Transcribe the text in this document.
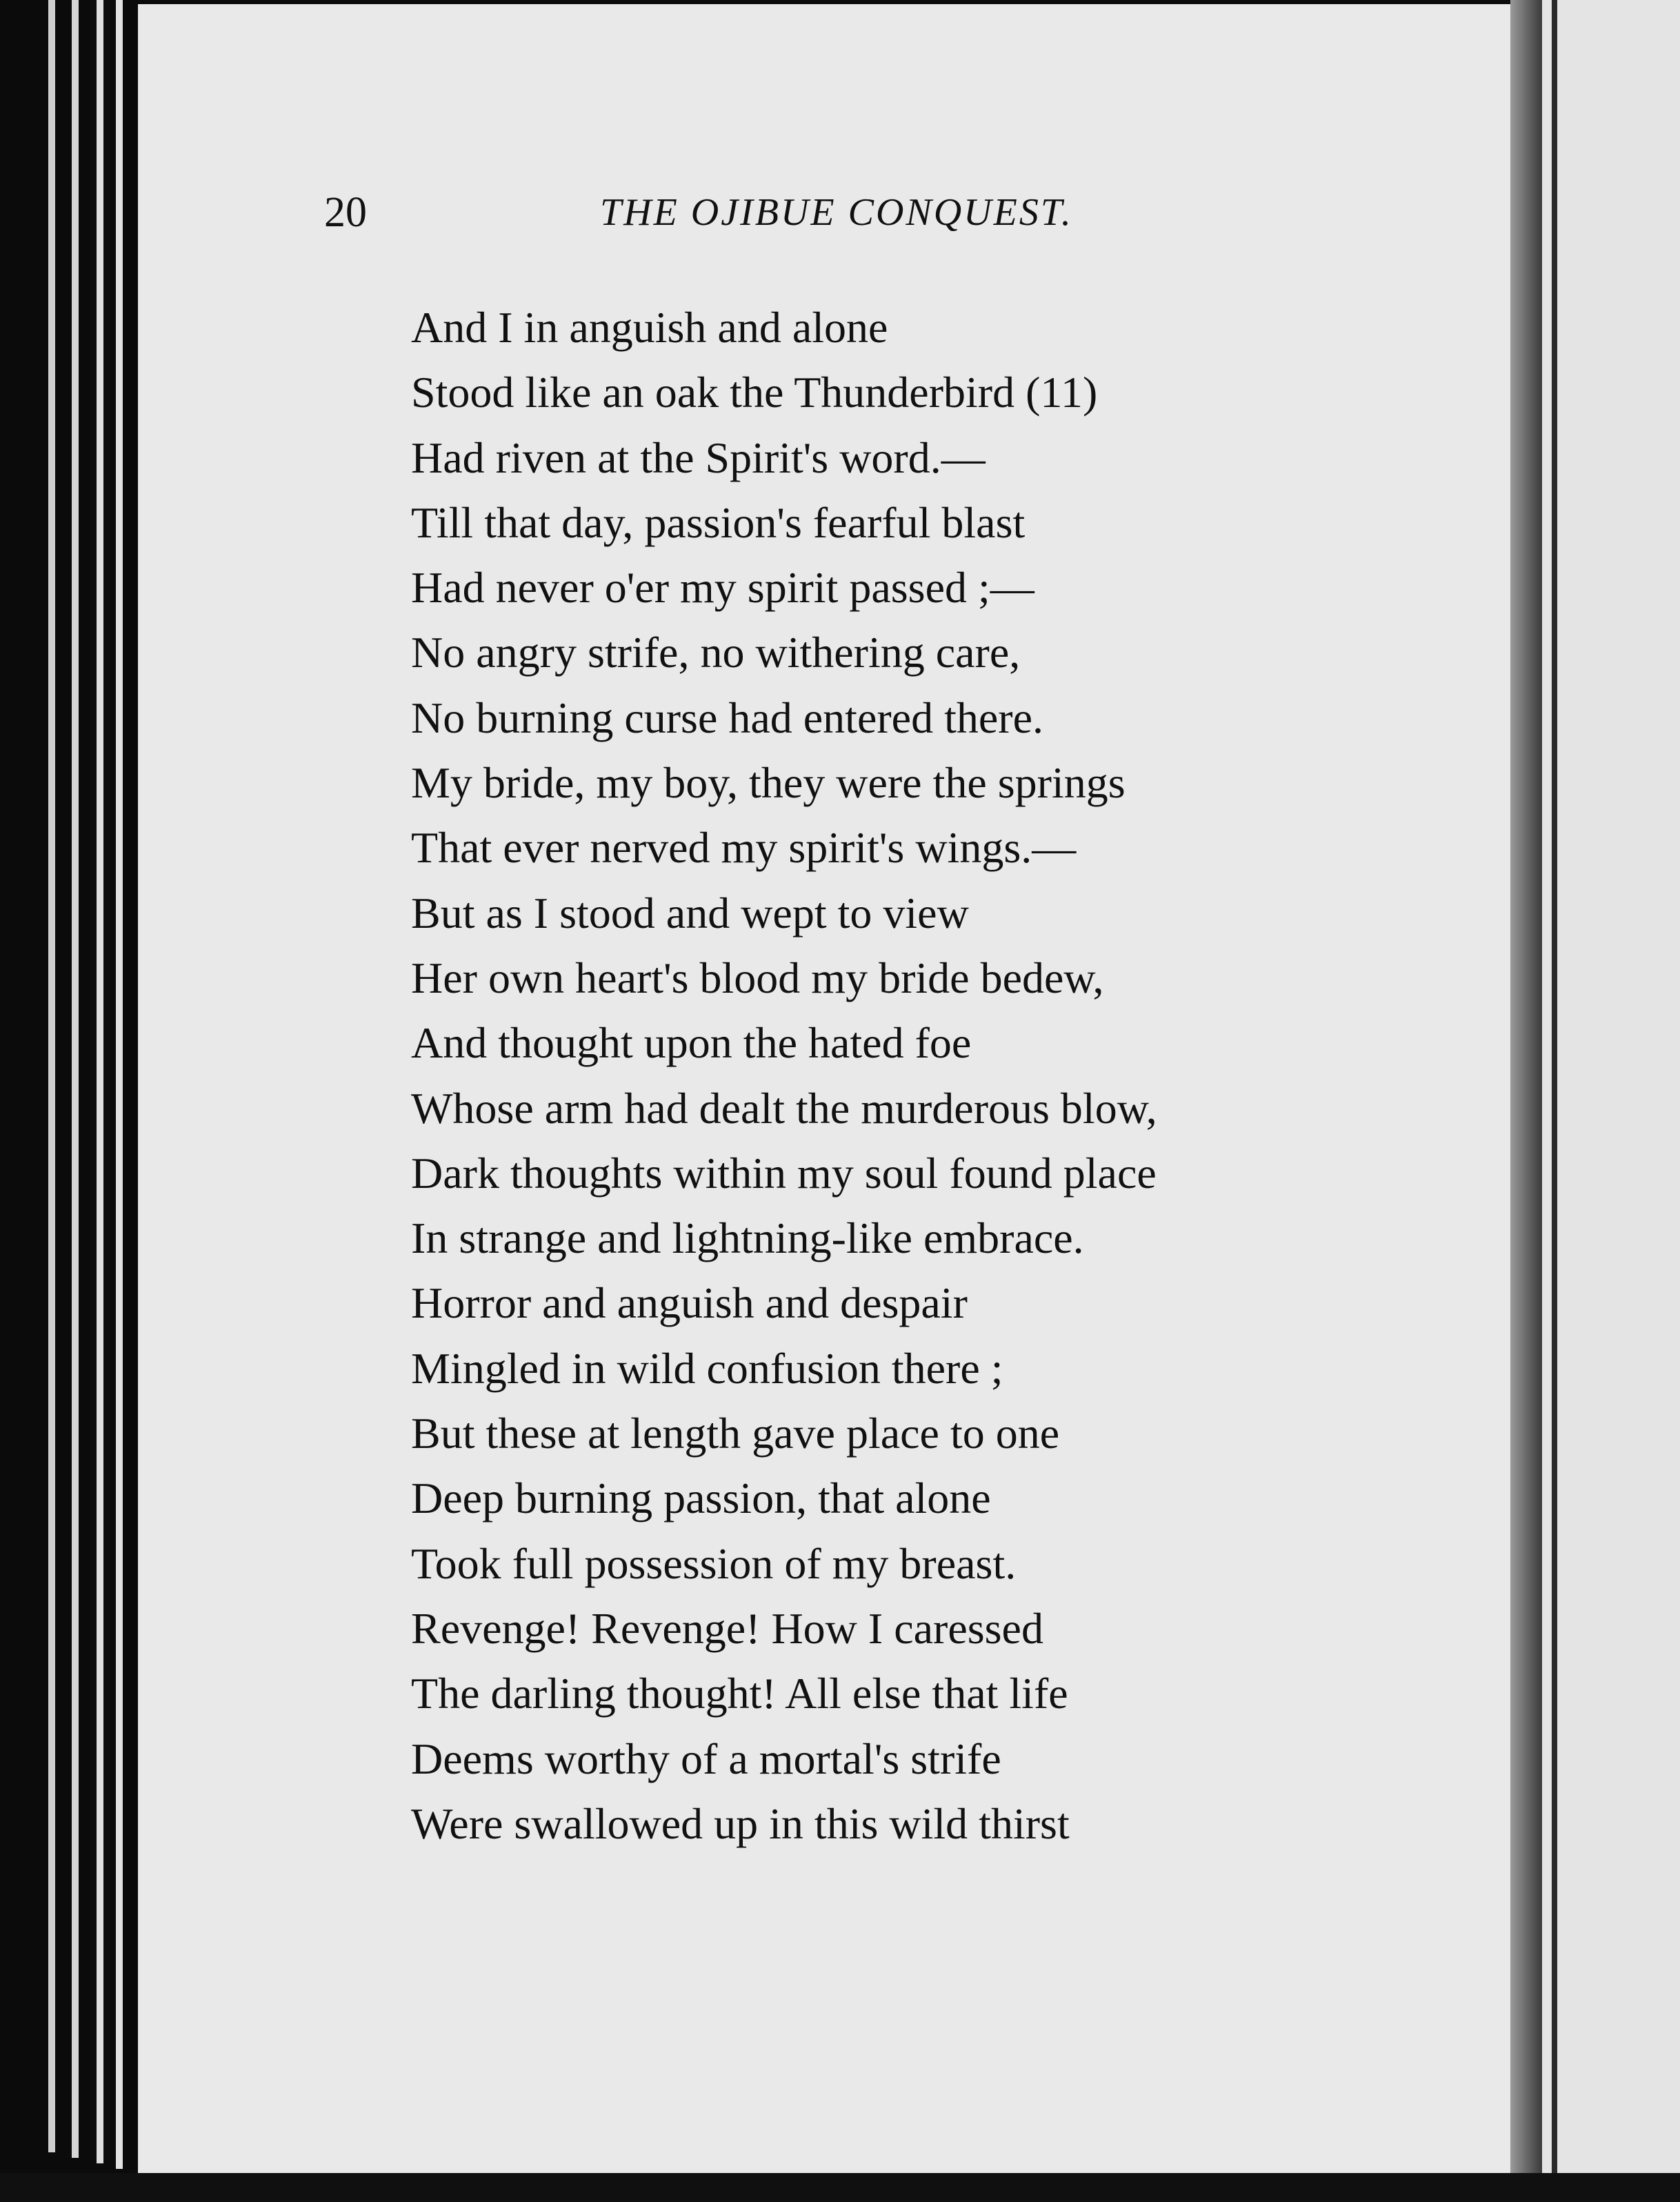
20	THE OJIBUE CONQUEST.
And I in anguish and alone
Stood like an oak the Thunderbird (11)
Had riven at the Spirit's word.—
Till that day, passion's fearful blast
Had never o'er my spirit passed ;—
No angry strife, no withering care,
No burning curse had entered there.
My bride, my boy, they were the springs
That ever nerved my spirit's wings.—
But as I stood and wept to view
Her own heart's blood my bride bedew,
And thought upon the hated foe
Whose arm had dealt the murderous blow,
Dark thoughts within my soul found place
In strange and lightning-like embrace.
Horror and anguish and despair
Mingled in wild confusion there ;
But these at length gave place to one
Deep burning passion, that alone
Took full possession of my breast.
Revenge! Revenge! How I caressed
The darling thought! All else that life
Deems worthy of a mortal's strife
Were swallowed up in this wild thirst
